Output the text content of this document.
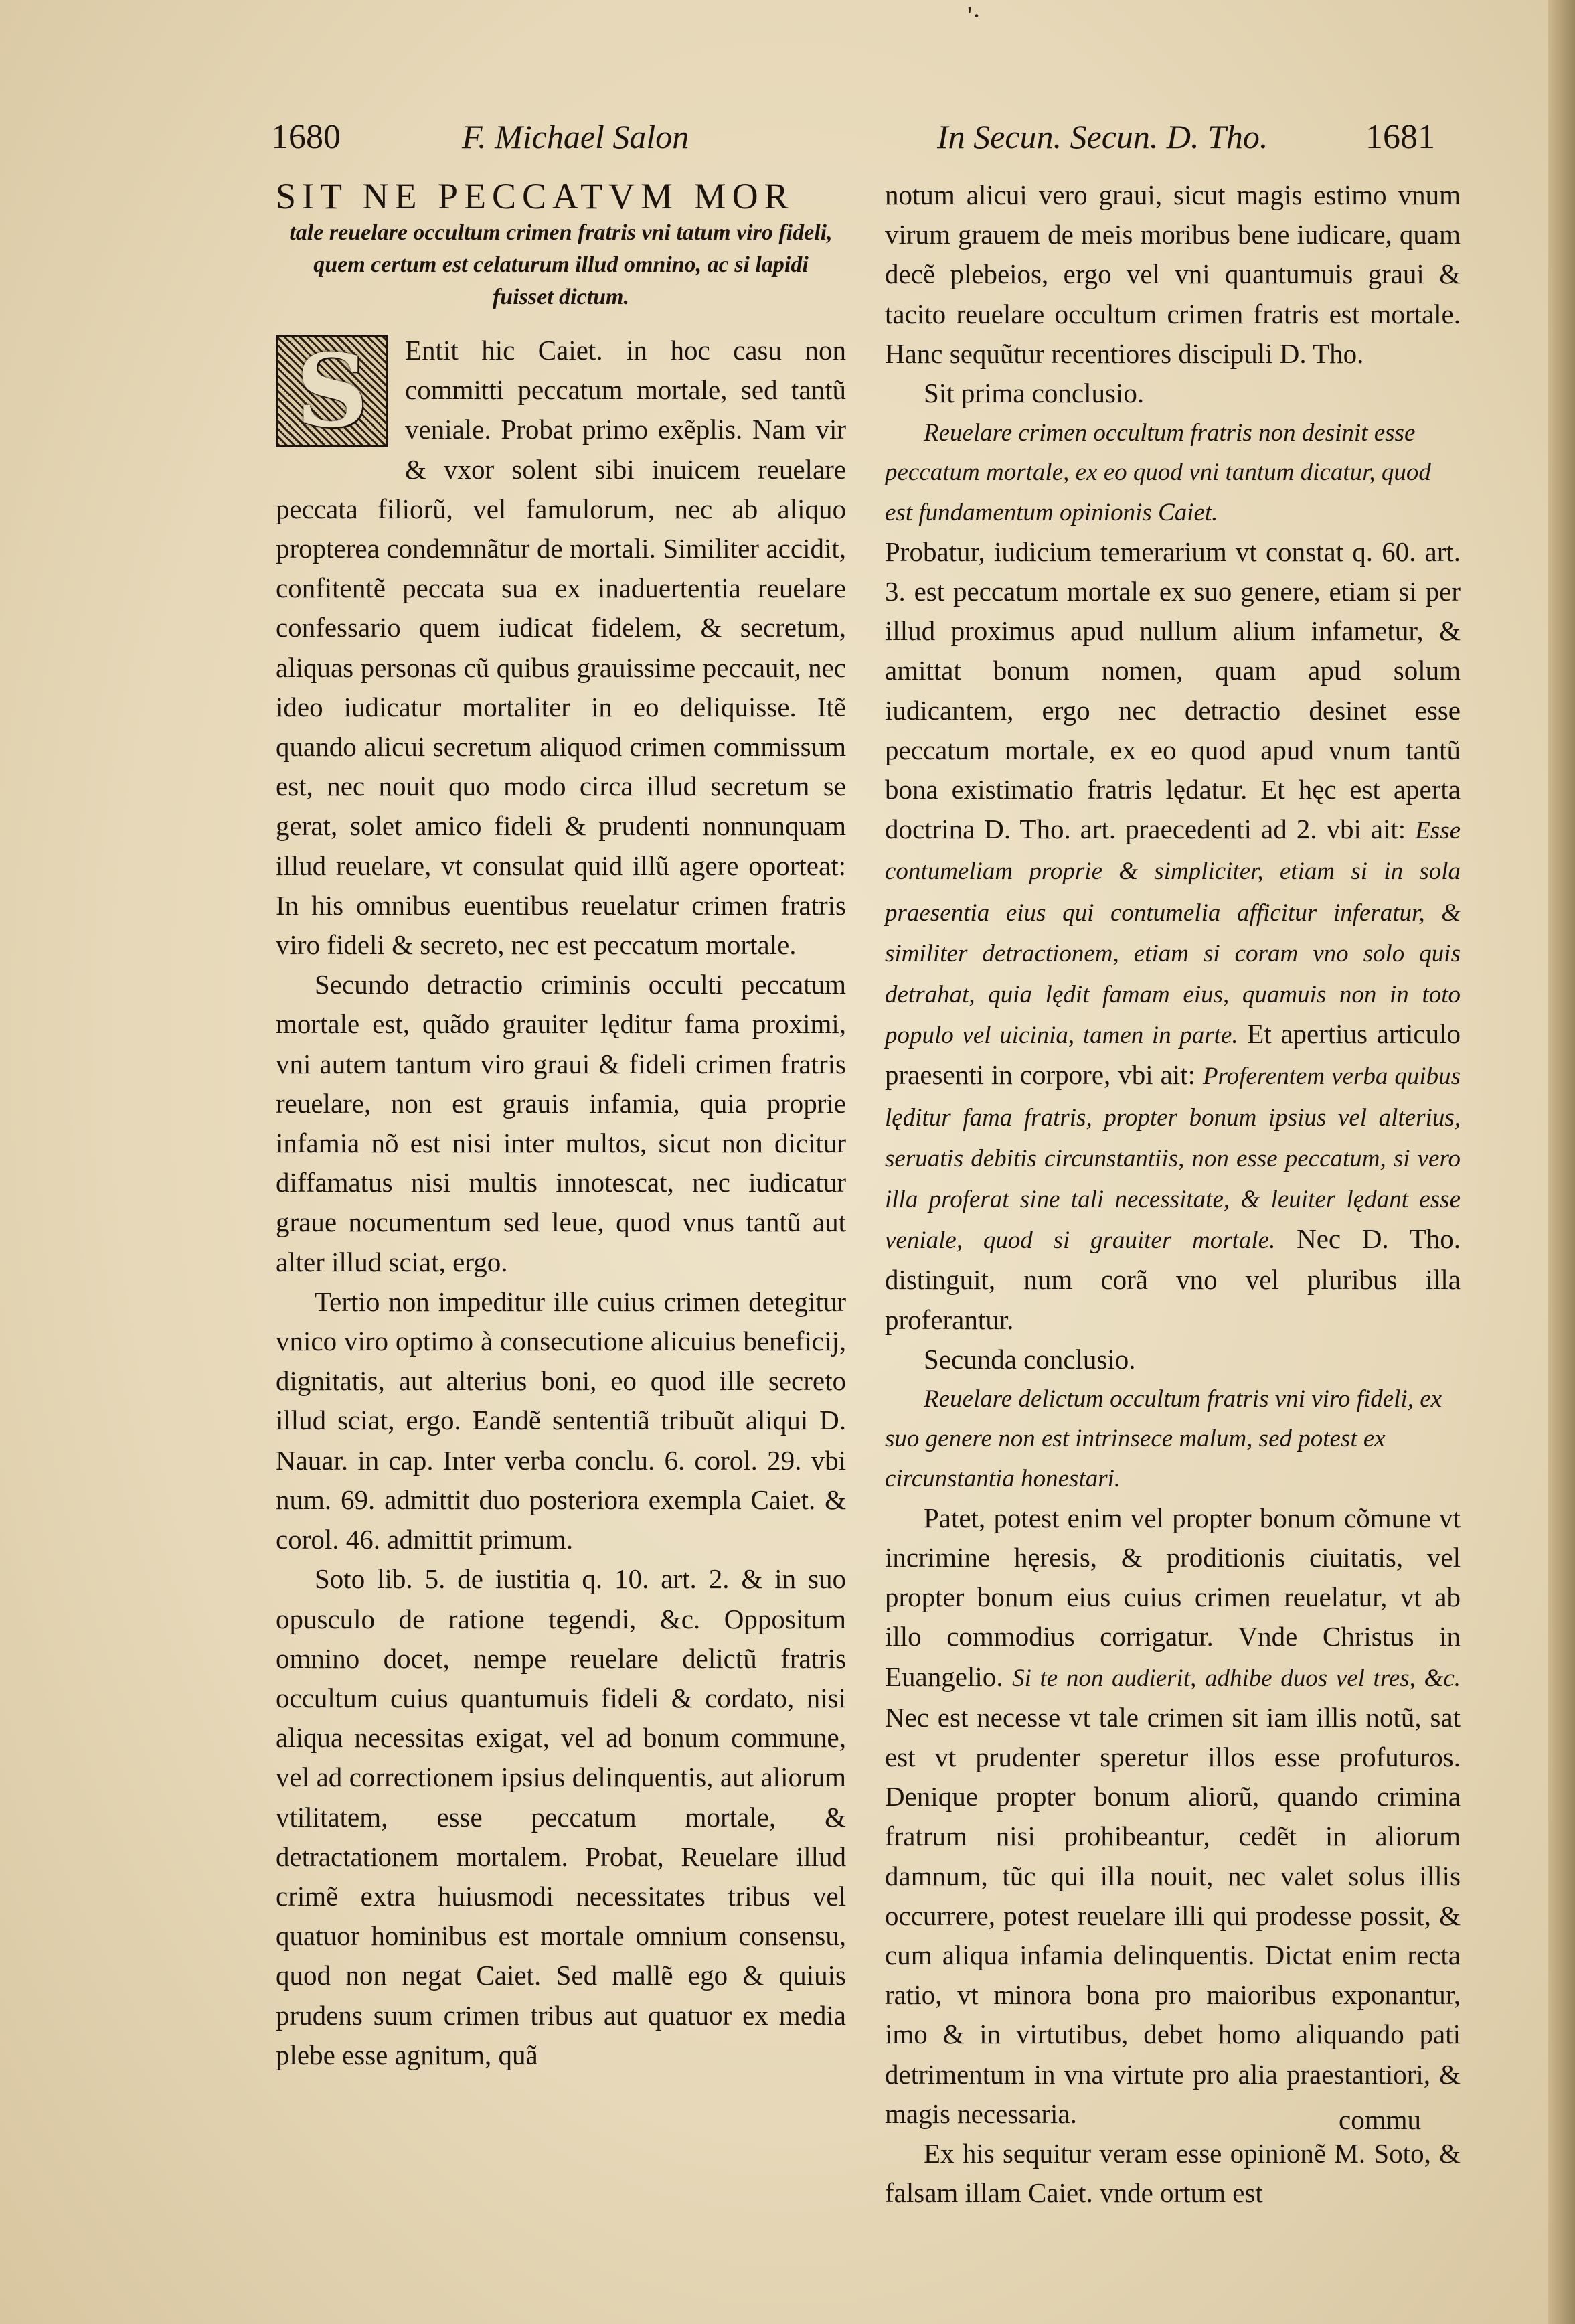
'·
1680	F. Michael Salon	In Secun. Secun. D. Tho.	1681
SIT NE PECCATVM MOR
tale reuelare occultum crimen fratris vni tatum viro fideli, quem certum est celaturum illud omnino, ac si lapidi fuisset dictum.

S Entit hic Caiet. in hoc casu non committi peccatum mortale, sed tantũ veniale. Probat primo exẽplis. Nam vir & vxor solent sibi inuicem reuelare peccata filiorũ, vel famulorum, nec ab aliquo propterea condemnãtur de mortali. Similiter accidit, confitentẽ peccata sua ex inaduertentia reuelare confessario quem iudicat fidelem, & secretum, aliquas personas cũ quibus grauissime peccauit, nec ideo iudicatur mortaliter in eo deliquisse. Itẽ quando alicui secretum aliquod crimen commissum est, nec nouit quo modo circa illud secretum se gerat, solet amico fideli & prudenti nonnunquam illud reuelare, vt consulat quid illũ agere oporteat: In his omnibus euentibus reuelatur crimen fratris viro fideli & secreto, nec est peccatum mortale.

Secundo detractio criminis occulti peccatum mortale est, quãdo grauiter lęditur fama proximi, vni autem tantum viro graui & fideli crimen fratris reuelare, non est grauis infamia, quia proprie infamia nõ est nisi inter multos, sicut non dicitur diffamatus nisi multis innotescat, nec iudicatur graue nocumentum sed leue, quod vnus tantũ aut alter illud sciat, ergo.

Tertio non impeditur ille cuius crimen detegitur vnico viro optimo à consecutione alicuius beneficij, dignitatis, aut alterius boni, eo quod ille secreto illud sciat, ergo. Eandẽ sententiã tribuũt aliqui D. Nauar. in cap. Inter verba conclu. 6. corol. 29. vbi num. 69. admittit duo posteriora exempla Caiet. & corol. 46. admittit primum.

Soto lib. 5. de iustitia q. 10. art. 2. & in suo opusculo de ratione tegendi, &c. Oppositum omnino docet, nempe reuelare delictũ fratris occultum cuius quantumuis fideli & cordato, nisi aliqua necessitas exigat, vel ad bonum commune, vel ad correctionem ipsius delinquentis, aut aliorum vtilitatem, esse peccatum mortale, & detractationem mortalem. Probat, Reuelare illud crimẽ extra huiusmodi necessitates tribus vel quatuor hominibus est mortale omnium consensu, quod non negat Caiet. Sed mallẽ ego & quiuis prudens suum crimen tribus aut quatuor ex media plebe esse agnitum, quã

notum alicui vero graui, sicut magis estimo vnum virum grauem de meis moribus bene iudicare, quam decẽ plebeios, ergo vel vni quantumuis graui & tacito reuelare occultum crimen fratris est mortale. Hanc sequũtur recentiores discipuli D. Tho.

Sit prima conclusio.

Reuelare crimen occultum fratris non desinit esse peccatum mortale, ex eo quod vni tantum dicatur, quod est fundamentum opinionis Caiet.

Probatur, iudicium temerarium vt constat q. 60. art. 3. est peccatum mortale ex suo genere, etiam si per illud proximus apud nullum alium infametur, & amittat bonum nomen, quam apud solum iudicantem, ergo nec detractio desinet esse peccatum mortale, ex eo quod apud vnum tantũ bona existimatio fratris lędatur. Et hęc est aperta doctrina D. Tho. art. praecedenti ad 2. vbi ait: Esse contumeliam proprie & simpliciter, etiam si in sola praesentia eius qui contumelia afficitur inferatur, & similiter detractionem, etiam si coram vno solo quis detrahat, quia lędit famam eius, quamuis non in toto populo vel uicinia, tamen in parte. Et apertius articulo praesenti in corpore, vbi ait: Proferentem verba quibus lęditur fama fratris, propter bonum ipsius vel alterius, seruatis debitis circunstantiis, non esse peccatum, si vero illa proferat sine tali necessitate, & leuiter lędant esse veniale, quod si grauiter mortale. Nec D. Tho. distinguit, num corã vno vel pluribus illa proferantur.

Secunda conclusio.

Reuelare delictum occultum fratris vni viro fideli, ex suo genere non est intrinsece malum, sed potest ex circunstantia honestari.

Patet, potest enim vel propter bonum cõmune vt incrimine hęresis, & proditionis ciuitatis, vel propter bonum eius cuius crimen reuelatur, vt ab illo commodius corrigatur. Vnde Christus in Euangelio. Si te non audierit, adhibe duos vel tres, &c. Nec est necesse vt tale crimen sit iam illis notũ, sat est vt prudenter speretur illos esse profuturos. Denique propter bonum aliorũ, quando crimina fratrum nisi prohibeantur, cedẽt in aliorum damnum, tũc qui illa nouit, nec valet solus illis occurrere, potest reuelare illi qui prodesse possit, & cum aliqua infamia delinquentis. Dictat enim recta ratio, vt minora bona pro maioribus exponantur, imo & in virtutibus, debet homo aliquando pati detrimentum in vna virtute pro alia praestantiori, & magis necessaria.

Ex his sequitur veram esse opinionẽ M. Soto, & falsam illam Caiet. vnde ortum est

commu
